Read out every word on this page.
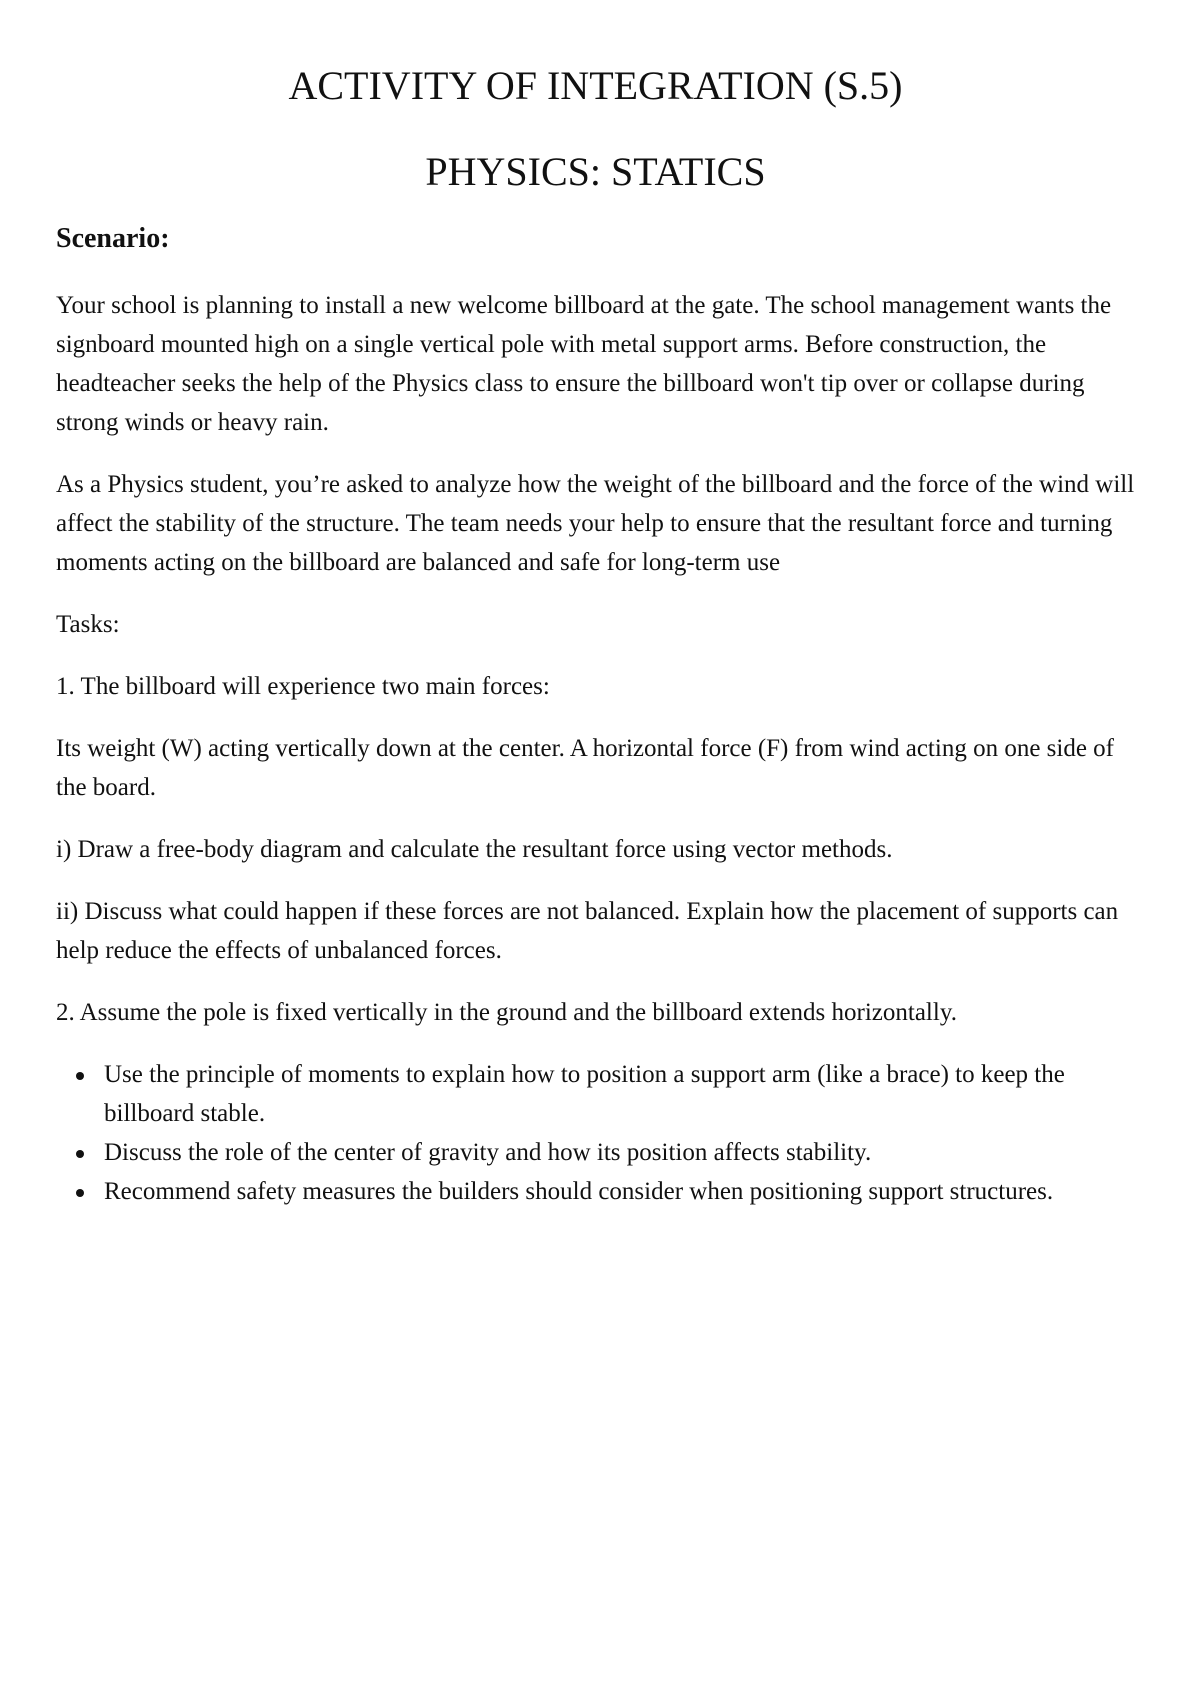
ACTIVITY OF INTEGRATION (S.5)
PHYSICS: STATICS
Scenario:

Your school is planning to install a new welcome billboard at the gate. The school management wants the signboard mounted high on a single vertical pole with metal support arms. Before construction, the headteacher seeks the help of the Physics class to ensure the billboard won't tip over or collapse during strong winds or heavy rain.

As a Physics student, you’re asked to analyze how the weight of the billboard and the force of the wind will affect the stability of the structure. The team needs your help to ensure that the resultant force and turning moments acting on the billboard are balanced and safe for long-term use

Tasks:

1. The billboard will experience two main forces:

Its weight (W) acting vertically down at the center. A horizontal force (F) from wind acting on one side of the board.

i) Draw a free-body diagram and calculate the resultant force using vector methods.

ii) Discuss what could happen if these forces are not balanced. Explain how the placement of supports can help reduce the effects of unbalanced forces.

2. Assume the pole is fixed vertically in the ground and the billboard extends horizontally.

Use the principle of moments to explain how to position a support arm (like a brace) to keep the billboard stable.
Discuss the role of the center of gravity and how its position affects stability.
Recommend safety measures the builders should consider when positioning support structures.
